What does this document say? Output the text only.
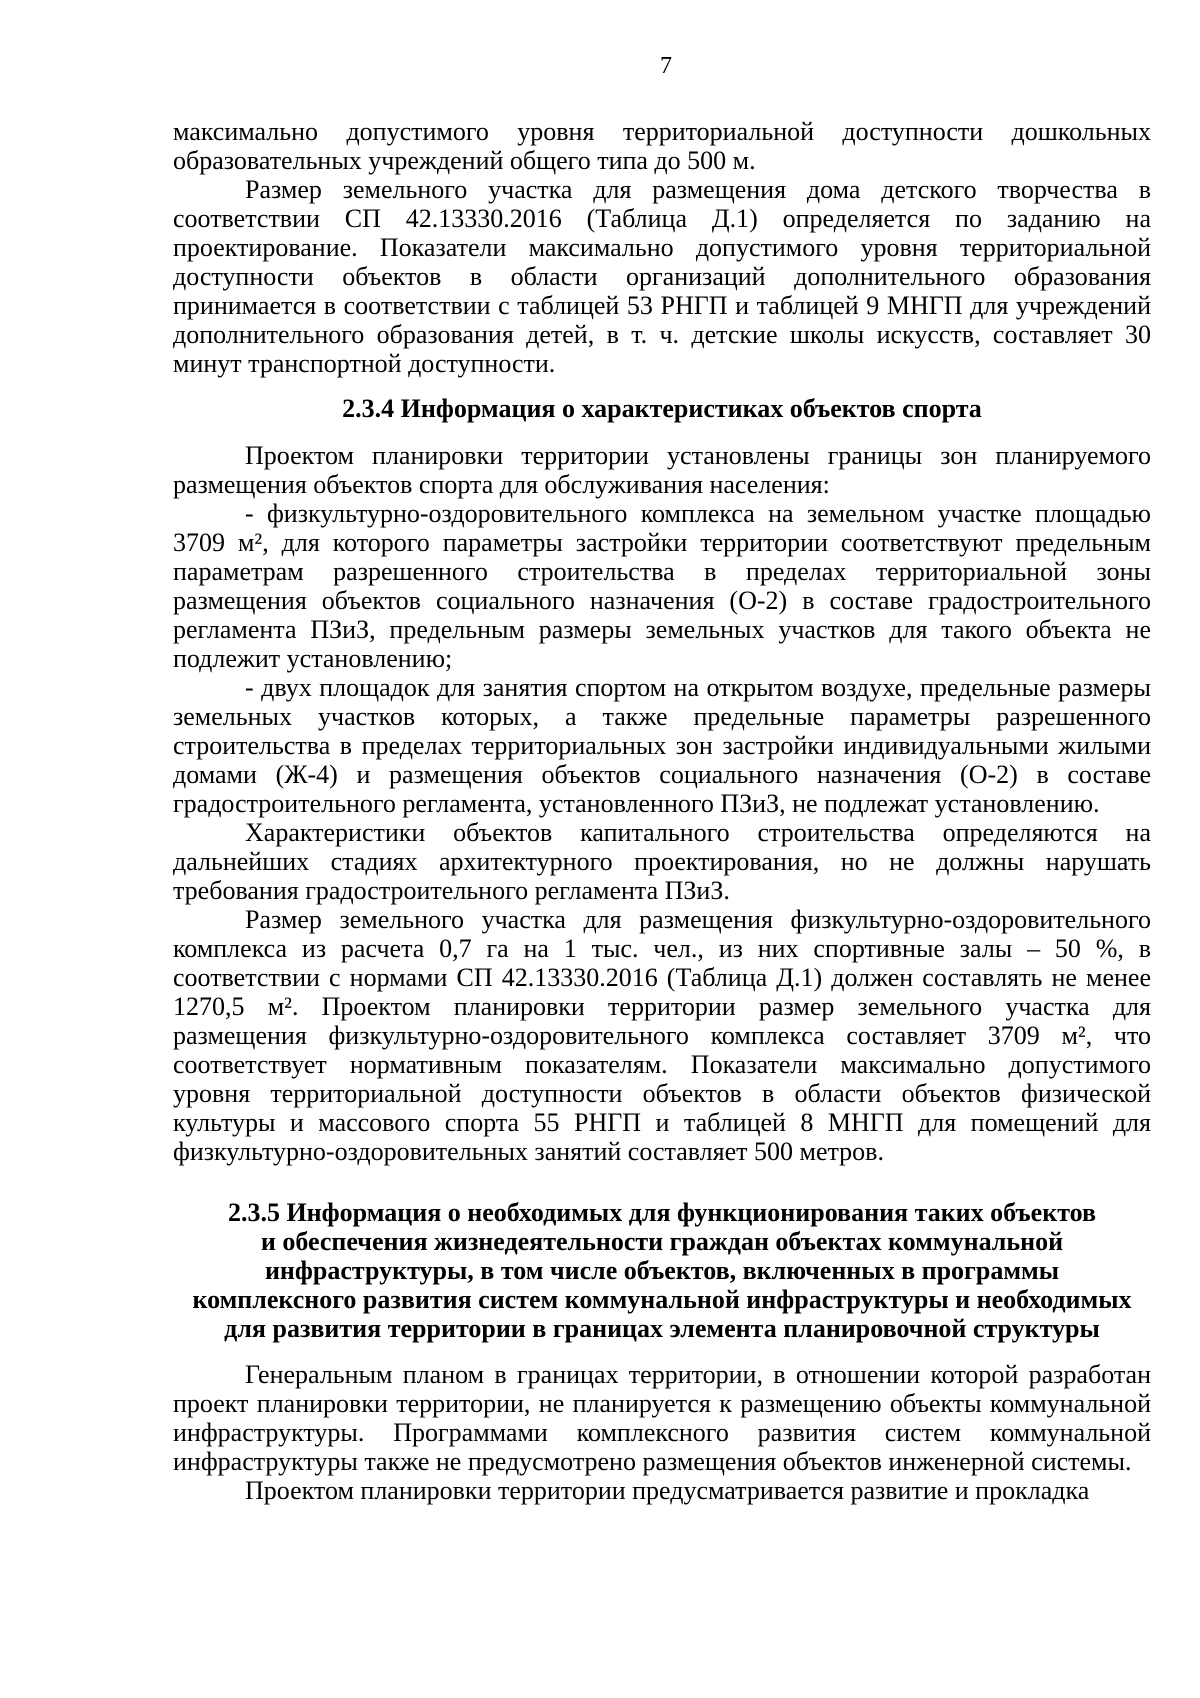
7

максимально допустимого уровня территориальной доступности дошкольных образовательных учреждений общего типа до 500 м.

Размер земельного участка для размещения дома детского творчества в соответствии СП 42.13330.2016 (Таблица Д.1) определяется по заданию на проектирование. Показатели максимально допустимого уровня территориальной доступности объектов в области организаций дополнительного образования принимается в соответствии с таблицей 53 РНГП и таблицей 9 МНГП для учреждений дополнительного образования детей, в т. ч. детские школы искусств, составляет 30 минут транспортной доступности.

2.3.4 Информация о характеристиках объектов спорта

Проектом планировки территории установлены границы зон планируемого размещения объектов спорта для обслуживания населения:

- физкультурно-оздоровительного комплекса на земельном участке площадью 3709 м², для которого параметры застройки территории соответствуют предельным параметрам разрешенного строительства в пределах территориальной зоны размещения объектов социального назначения (О-2) в составе градостроительного регламента ПЗиЗ, предельным размеры земельных участков для такого объекта не подлежит установлению;

- двух площадок для занятия спортом на открытом воздухе, предельные размеры земельных участков которых, а также предельные параметры разрешенного строительства в пределах территориальных зон застройки индивидуальными жилыми домами (Ж-4) и размещения объектов социального назначения (О-2) в составе градостроительного регламента, установленного ПЗиЗ, не подлежат установлению.

Характеристики объектов капитального строительства определяются на дальнейших стадиях архитектурного проектирования, но не должны нарушать требования градостроительного регламента ПЗиЗ.

Размер земельного участка для размещения физкультурно-оздоровительного комплекса из расчета 0,7 га на 1 тыс. чел., из них спортивные залы – 50 %, в соответствии с нормами СП 42.13330.2016 (Таблица Д.1) должен составлять не менее 1270,5 м². Проектом планировки территории размер земельного участка для размещения физкультурно-оздоровительного комплекса составляет 3709 м², что соответствует нормативным показателям. Показатели максимально допустимого уровня территориальной доступности объектов в области объектов физической культуры и массового спорта 55 РНГП и таблицей 8 МНГП для помещений для физкультурно-оздоровительных занятий составляет 500 метров.

2.3.5 Информация о необходимых для функционирования таких объектов
и обеспечения жизнедеятельности граждан объектах коммунальной
инфраструктуры, в том числе объектов, включенных в программы
комплексного развития систем коммунальной инфраструктуры и необходимых
для развития территории в границах элемента планировочной структуры

Генеральным планом в границах территории, в отношении которой разработан проект планировки территории, не планируется к размещению объекты коммунальной инфраструктуры. Программами комплексного развития систем коммунальной инфраструктуры также не предусмотрено размещения объектов инженерной системы.

Проектом планировки территории предусматривается развитие и прокладка
